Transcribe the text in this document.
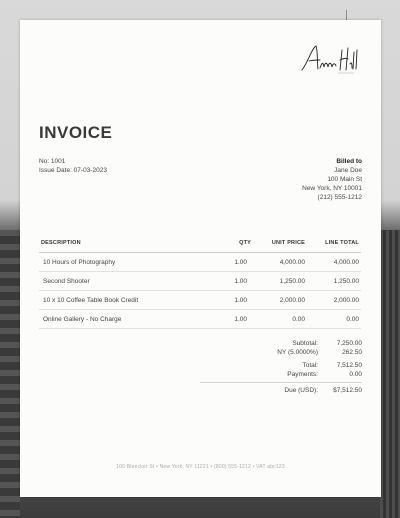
INVOICE
No: 1001
Issue Date: 07-03-2023
Billed to
Jane Doe
100 Main St
New York, NY 10001
(212) 555-1212
DESCRIPTION	QTY	UNIT PRICE	LINE TOTAL
10 Hours of Photography	1.00	4,000.00	4,000.00
Second Shooter	1.00	1,250.00	1,250.00
10 x 10 Coffee Table Book Credit	1.00	2,000.00	2,000.00
Online Gallery - No Charge	1.00	0.00	0.00
Subtotal:	7,250.00
NY (5.0000%)	262.50
Total:	7,512.50
Payments:	0.00
Due (USD):	$7,512.50
100 Bleecker St • New York, NY 11221 • (800) 555-1212 • VAT abc123
